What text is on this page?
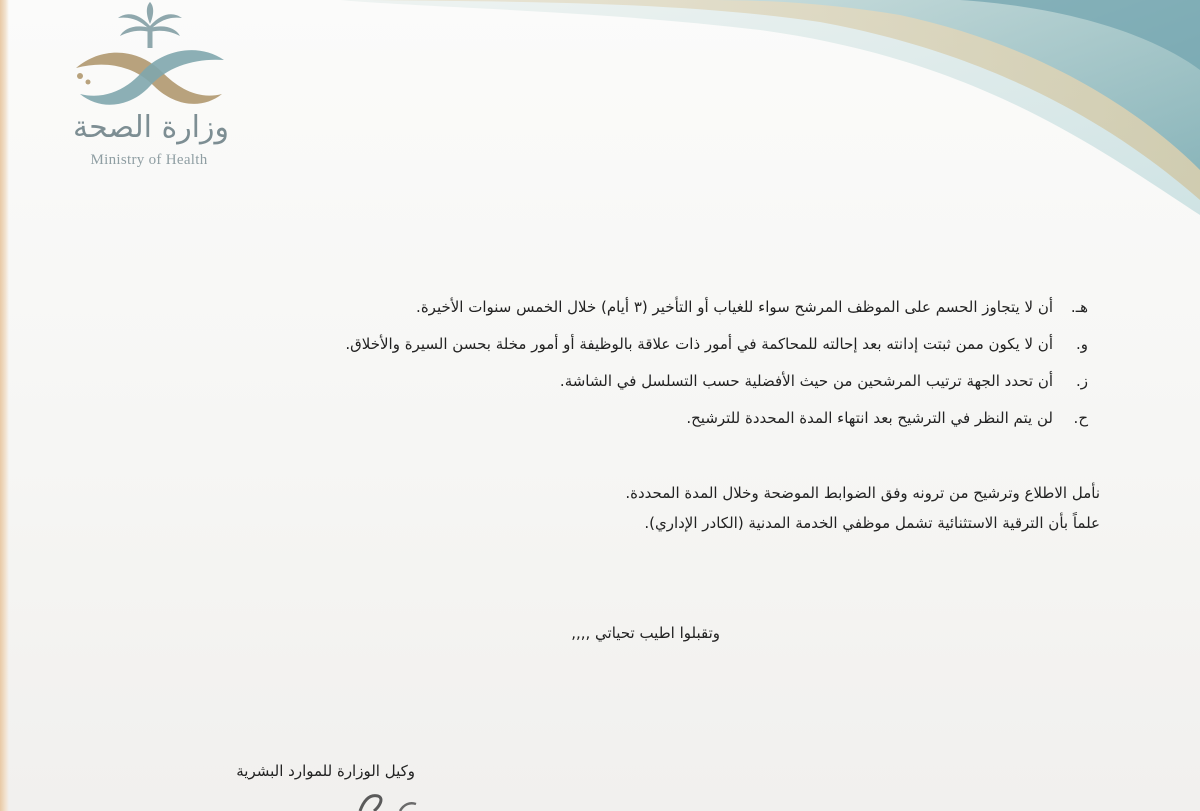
وزارة الصحة
Ministry of Health
هـ.
أن لا يتجاوز الحسم على الموظف المرشح سواء للغياب أو التأخير (٣ أيام) خلال الخمس سنوات الأخيرة.
و.
أن لا يكون ممن ثبتت إدانته بعد إحالته للمحاكمة في أمور ذات علاقة بالوظيفة أو أمور مخلة بحسن السيرة والأخلاق.
ز.
أن تحدد الجهة ترتيب المرشحين من حيث الأفضلية حسب التسلسل في الشاشة.
ح.
لن يتم النظر في الترشيح بعد انتهاء المدة المحددة للترشيح.
نأمل الاطلاع وترشيح من ترونه وفق الضوابط الموضحة وخلال المدة المحددة.
علماً بأن الترقية الاستثنائية تشمل موظفي الخدمة المدنية (الكادر الإداري).
وتقبلوا اطيب تحياتي ,,,,
وكيل الوزارة للموارد البشرية
